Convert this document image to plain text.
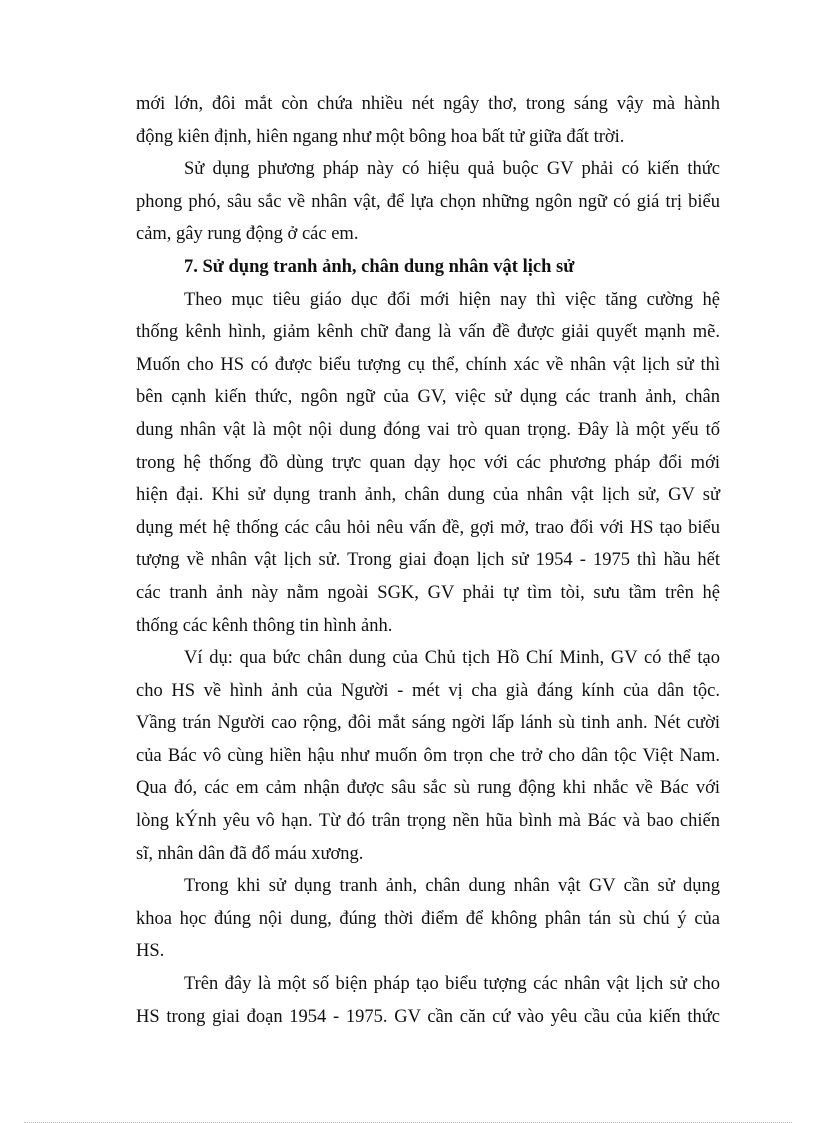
mới lớn, đôi mắt còn chứa nhiều nét ngây thơ, trong sáng vậy mà hành
động kiên định, hiên ngang như một bông hoa bất tử giữa đất trời.
Sử dụng phương pháp này có hiệu quả buộc GV phải có kiến thức
phong phó, sâu sắc về nhân vật, để lựa chọn những ngôn ngữ có giá trị biểu
cảm, gây rung động ở các em.
7. Sử dụng tranh ảnh, chân dung nhân vật lịch sử
Theo mục tiêu giáo dục đổi mới hiện nay thì việc tăng cường hệ
thống kênh hình, giảm kênh chữ đang là vấn đề được giải quyết mạnh mẽ.
Muốn cho HS có được biểu tượng cụ thể, chính xác về nhân vật lịch sử thì
bên cạnh kiến thức, ngôn ngữ của GV, việc sử dụng các tranh ảnh, chân
dung nhân vật là một nội dung đóng vai trò quan trọng. Đây là một yếu tố
trong hệ thống đồ dùng trực quan dạy học với các phương pháp đổi mới
hiện đại. Khi sử dụng tranh ảnh, chân dung của nhân vật lịch sử, GV sử
dụng mét hệ thống các câu hỏi nêu vấn đề, gợi mở, trao đổi với HS tạo biểu
tượng về nhân vật lịch sử. Trong giai đoạn lịch sử 1954 - 1975 thì hầu hết
các tranh ảnh này nằm ngoài SGK, GV phải tự tìm tòi, sưu tầm trên hệ
thống các kênh thông tin hình ảnh.
Ví dụ: qua bức chân dung của Chủ tịch Hồ Chí Minh, GV có thể tạo
cho HS về hình ảnh của Người - mét vị cha già đáng kính của dân tộc.
Vầng trán Người cao rộng, đôi mắt sáng ngời lấp lánh sù tinh anh. Nét cười
của Bác vô cùng hiền hậu như muốn ôm trọn che trở cho dân tộc Việt Nam.
Qua đó, các em cảm nhận được sâu sắc sù rung động khi nhắc về Bác với
lòng kÝnh yêu vô hạn. Từ đó trân trọng nền hũa bình mà Bác và bao chiến
sĩ, nhân dân đã đổ máu xương.
Trong khi sử dụng tranh ảnh, chân dung nhân vật GV cần sử dụng
khoa học đúng nội dung, đúng thời điểm để không phân tán sù chú ý của
HS.
Trên đây là một số biện pháp tạo biểu tượng các nhân vật lịch sử cho
HS trong giai đoạn 1954 - 1975. GV cần căn cứ vào yêu cầu của kiến thức
